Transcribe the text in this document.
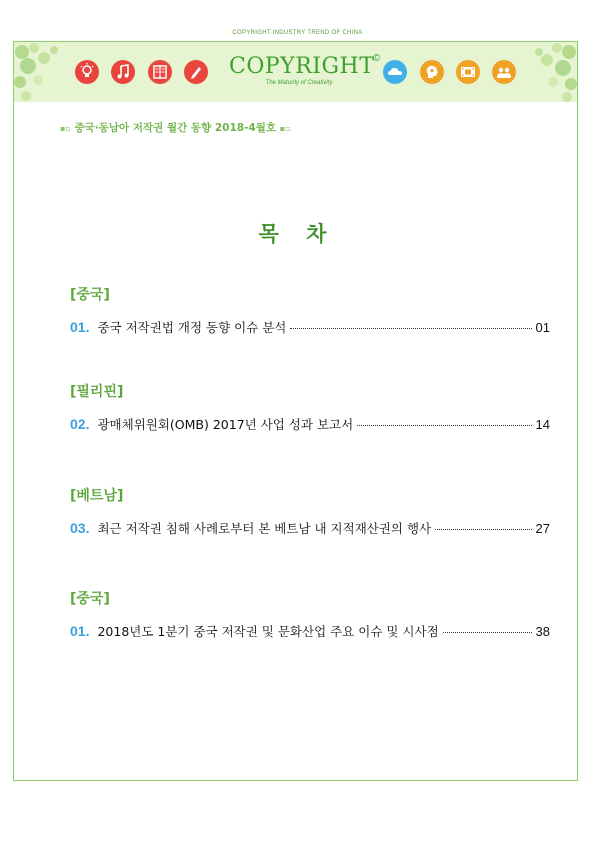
COPYRIGHT INDUSTRY TREND OF CHINA
COPYRIGHT
©
The Maturity of Creativity
▪▫ 중국·동남아 저작권 월간 동향 2018-4월호 ▪▫
목 차
[중국]
01. 중국 저작권법 개정 동향 이슈 분석	01
[필리핀]
02. 광매체위원회(OMB) 2017년 사업 성과 보고서	14
[베트남]
03. 최근 저작권 침해 사례로부터 본 베트남 내 지적재산권의 행사	27
[중국]
01. 2018년도 1분기 중국 저작권 및 문화산업 주요 이슈 및 시사점	38
